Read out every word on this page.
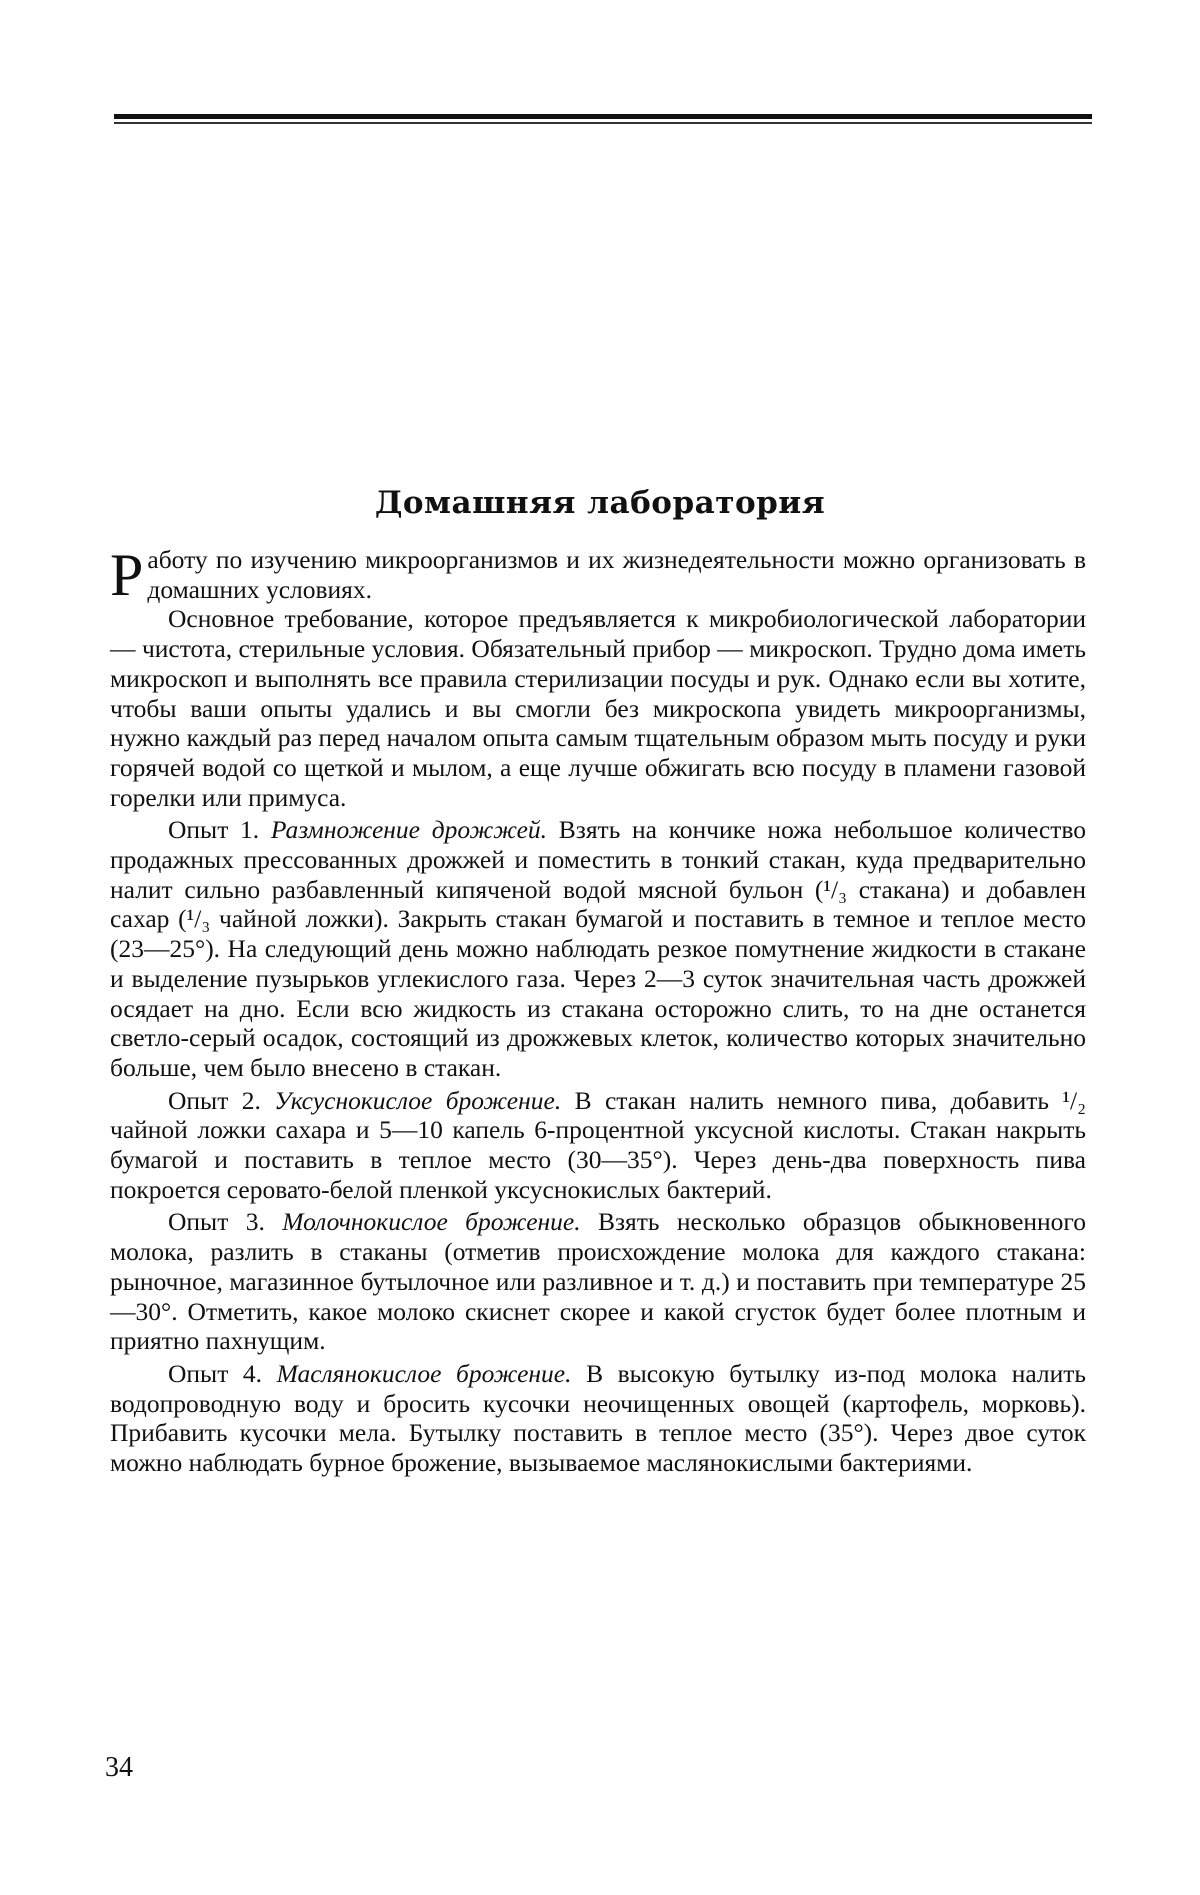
Домашняя лаборатория

Р аботу по изучению микроорганизмов и их жизнедеятельности можно организовать в домашних условиях.

Основное требование, которое предъявляется к микробиологической лаборатории — чистота, стерильные условия. Обязательный прибор — микроскоп. Трудно дома иметь микроскоп и выполнять все правила стерилизации посуды и рук. Однако если вы хотите, чтобы ваши опыты удались и вы смогли без микроскопа увидеть микроорганизмы, нужно каждый раз перед началом опыта самым тщательным образом мыть посуду и руки горячей водой со щеткой и мылом, а еще лучше обжигать всю посуду в пламени газовой горелки или примуса.

Опыт 1. Размножение дрожжей. Взять на кончике ножа небольшое количество продажных прессованных дрожжей и поместить в тонкий стакан, куда предварительно налит сильно разбавленный кипяченой водой мясной бульон (¹/₃ стакана) и добавлен сахар (¹/₃ чайной ложки). Закрыть стакан бумагой и поставить в темное и теплое место (23—25°). На следующий день можно наблюдать резкое помутнение жидкости в стакане и выделение пузырьков углекислого газа. Через 2—3 суток значительная часть дрожжей осядает на дно. Если всю жидкость из стакана осторожно слить, то на дне останется светло-серый осадок, состоящий из дрожжевых клеток, количество которых значительно больше, чем было внесено в стакан.

Опыт 2. Уксуснокислое брожение. В стакан налить немного пива, добавить ¹/₂ чайной ложки сахара и 5—10 капель 6-процентной уксусной кислоты. Стакан накрыть бумагой и поставить в теплое место (30—35°). Через день-два поверхность пива покроется серовато-белой пленкой уксуснокислых бактерий.

Опыт 3. Молочнокислое брожение. Взять несколько образцов обыкновенного молока, разлить в стаканы (отметив происхождение молока для каждого стакана: рыночное, магазинное бутылочное или разливное и т. д.) и поставить при температуре 25—30°. Отметить, какое молоко скиснет скорее и какой сгусток будет более плотным и приятно пахнущим.

Опыт 4. Маслянокислое брожение. В высокую бутылку из-под молока налить водопроводную воду и бросить кусочки неочищенных овощей (картофель, морковь). Прибавить кусочки мела. Бутылку поставить в теплое место (35°). Через двое суток можно наблюдать бурное брожение, вызываемое маслянокислыми бактериями.

34
